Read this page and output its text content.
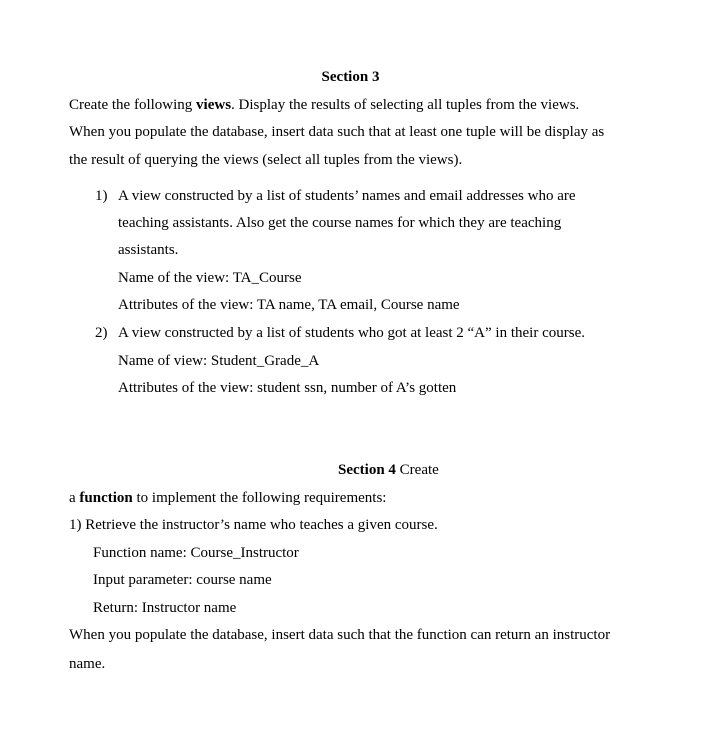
Section 3
Create the following views. Display the results of selecting all tuples from the views.
When you populate the database, insert data such that at least one tuple will be display as
the result of querying the views (select all tuples from the views).
1) A view constructed by a list of students’ names and email addresses who are
teaching assistants. Also get the course names for which they are teaching
assistants.
Name of the view: TA_Course
Attributes of the view: TA name, TA email, Course name
2) A view constructed by a list of students who got at least 2 “A” in their course.
Name of view: Student_Grade_A
Attributes of the view: student ssn, number of A’s gotten
Section 4 Create
a function to implement the following requirements:
1) Retrieve the instructor’s name who teaches a given course.
Function name: Course_Instructor
Input parameter: course name
Return: Instructor name
When you populate the database, insert data such that the function can return an instructor
name.
